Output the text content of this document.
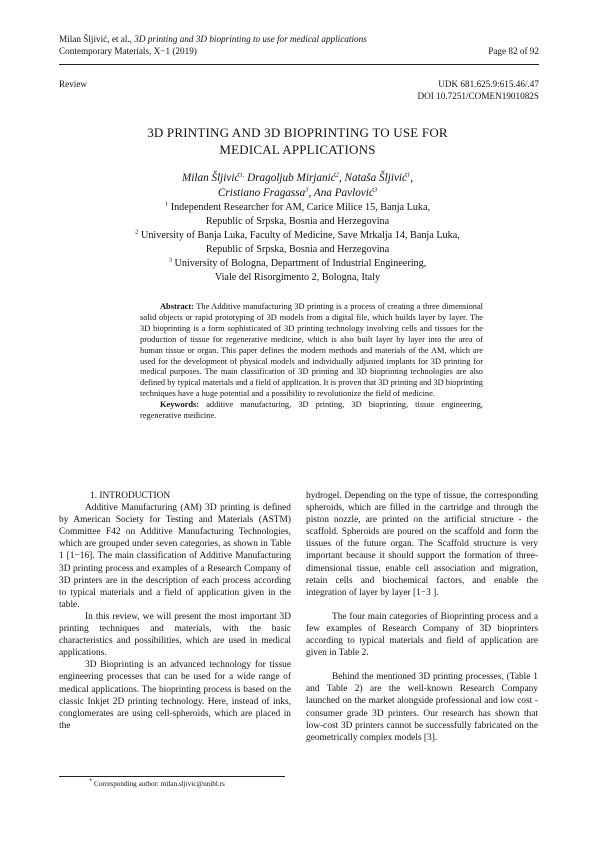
Milan Šljivić, et al., 3D printing and 3D bioprinting to use for medical applications
Contemporary Materials, X−1 (2019)	Page 82 of 92
Review	UDK 681.625.9:615.46/.47
DOI 10.7251/COMEN1901082S
3D PRINTING AND 3D BIOPRINTING TO USE FOR
MEDICAL APPLICATIONS
Milan Šljivić$^{1,}$ Dragoljub Mirjanić$^2$, Nataša Šljivić$^1$,
Cristiano Fragassa$^3$, Ana Pavlović$^3$
$^1$ Independent Researcher for AM, Carice Milice 15, Banja Luka,
Republic of Srpska, Bosnia and Herzegovina
$^2$ University of Banja Luka, Faculty of Medicine, Save Mrkalja 14, Banja Luka,
Republic of Srpska, Bosnia and Herzegovina
$^3$ University of Bologna, Department of Industrial Engineering,
Viale del Risorgimento 2, Bologna, Italy

Abstract: The Additive manufacturing 3D printing is a process of creating a three dimensional solid objects or rapid prototyping of 3D models from a digital file, which builds layer by layer. The 3D bioprinting is a form sophisticated of 3D printing technology involving cells and tissues for the production of tissue for regenerative medicine, which is also built layer by layer into the area of human tissue or organ. This paper defines the modern methods and materials of the AM, which are used for the development of physical models and individually adjusted implants for 3D printing for medical purposes. The main classification of 3D printing and 3D bioprinting technologies are also defined by typical materials and a field of application. It is proven that 3D printing and 3D bioprinting techniques have a huge potential and a possibility to revolutionize the field of medicine.

Keywords: additive manufacturing, 3D printing, 3D bioprinting, tissue engineering, regenerative medicine.

1. INTRODUCTION

Additive Manufacturing (AM) 3D printing is defined by American Society for Testing and Materials (ASTM) Committee F42 on Additive Manufacturing Technologies, which are grouped under seven categories, as shown in Table 1 [1−16]. The main classification of Additive Manufacturing 3D printing process and examples of a Research Company of 3D printers are in the description of each process according to typical materials and a field of application given in the table.

In this review, we will present the most important 3D printing techniques and materials, with the basic characteristics and possibilities, which are used in medical applications.

3D Bioprinting is an advanced technology for tissue engineering processes that can be used for a wide range of medical applications. The bioprinting process is based on the classic Inkjet 2D printing technology. Here, instead of inks, conglomerates are using cell-spheroids, which are placed in the

hydrogel. Depending on the type of tissue, the corresponding spheroids, which are filled in the cartridge and through the piston nozzle, are printed on the artificial structure - the scaffold. Spheroids are poured on the scaffold and form the tissues of the future organ. The Scaffold structure is very important because it should support the formation of three-dimensional tissue, enable cell association and migration, retain cells and biochemical factors, and enable the integration of layer by layer [1−3 ].

The four main categories of Bioprinting process and a few examples of Research Company of 3D bioprinters according to typical materials and field of application are given in Table 2.

Behind the mentioned 3D printing processes, (Table 1 and Table 2) are the well-known Research Company launched on the market alongside professional and low cost - consumer grade 3D printers. Our research has shown that low-cost 3D printers cannot be successfully fabricated on the geometrically complex models [3].

* Corresponding author: milan.sljivic@unibl.rs
